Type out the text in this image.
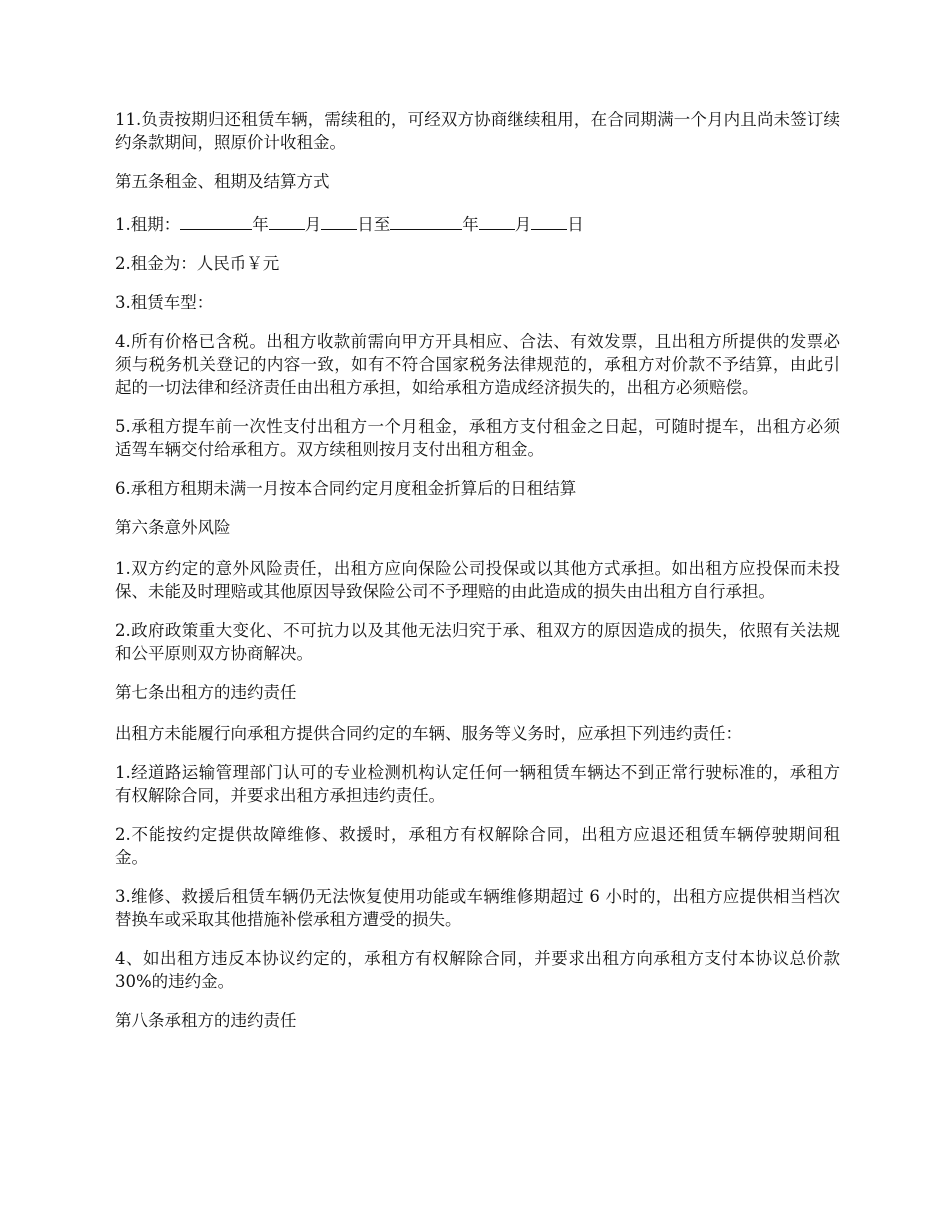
11.负责按期归还租赁车辆，需续租的，可经双方协商继续租用，在合同期满一个月内且尚未签订续约条款期间，照原价计收租金。

第五条租金、租期及结算方式

1.租期：	年 月 日至	年 月 日

2.租金为：人民币￥元

3.租赁车型：

4.所有价格已含税。出租方收款前需向甲方开具相应、合法、有效发票，且出租方所提供的发票必须与税务机关登记的内容一致，如有不符合国家税务法律规范的，承租方对价款不予结算，由此引起的一切法律和经济责任由出租方承担，如给承租方造成经济损失的，出租方必须赔偿。

5.承租方提车前一次性支付出租方一个月租金，承租方支付租金之日起，可随时提车，出租方必须适驾车辆交付给承租方。双方续租则按月支付出租方租金。

6.承租方租期未满一月按本合同约定月度租金折算后的日租结算

第六条意外风险

1.双方约定的意外风险责任，出租方应向保险公司投保或以其他方式承担。如出租方应投保而未投保、未能及时理赔或其他原因导致保险公司不予理赔的由此造成的损失由出租方自行承担。

2.政府政策重大变化、不可抗力以及其他无法归究于承、租双方的原因造成的损失，依照有关法规和公平原则双方协商解决。

第七条出租方的违约责任

出租方未能履行向承租方提供合同约定的车辆、服务等义务时，应承担下列违约责任：

1.经道路运输管理部门认可的专业检测机构认定任何一辆租赁车辆达不到正常行驶标准的，承租方有权解除合同，并要求出租方承担违约责任。

2.不能按约定提供故障维修、救援时，承租方有权解除合同，出租方应退还租赁车辆停驶期间租金。

3.维修、救援后租赁车辆仍无法恢复使用功能或车辆维修期超过 6 小时的，出租方应提供相当档次替换车或采取其他措施补偿承租方遭受的损失。

4、如出租方违反本协议约定的，承租方有权解除合同，并要求出租方向承租方支付本协议总价款 30%的违约金。

第八条承租方的违约责任
